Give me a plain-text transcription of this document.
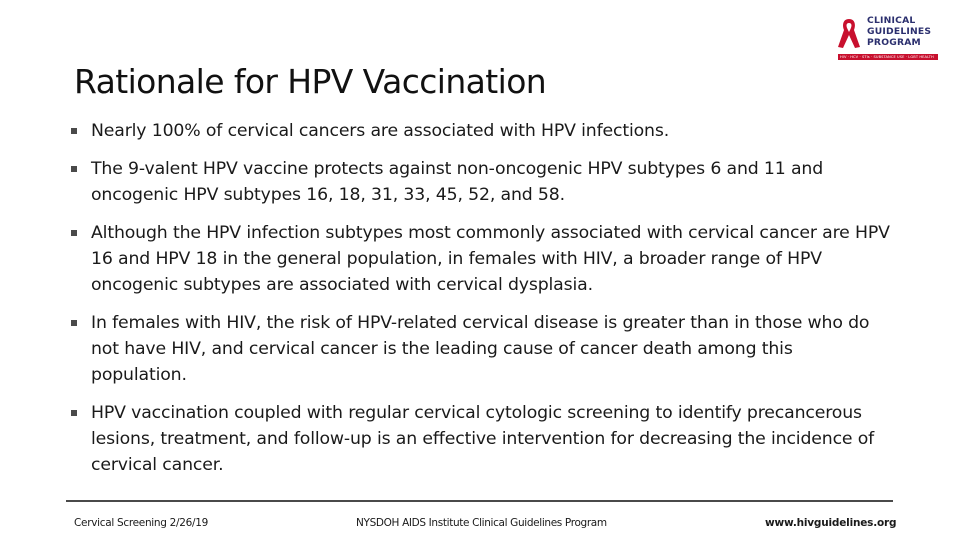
CLINICAL
GUIDELINES
PROGRAM
HIV · HCV · STIs · SUBSTANCE USE · LGBT HEALTH
Rationale for HPV Vaccination
Nearly 100% of cervical cancers are associated with HPV infections.
The 9-valent HPV vaccine protects against non-oncogenic HPV subtypes 6 and 11 and oncogenic HPV subtypes 16, 18, 31, 33, 45, 52, and 58.
Although the HPV infection subtypes most commonly associated with cervical cancer are HPV 16 and HPV 18 in the general population, in females with HIV, a broader range of HPV oncogenic subtypes are associated with cervical dysplasia.
In females with HIV, the risk of HPV-related cervical disease is greater than in those who do not have HIV, and cervical cancer is the leading cause of cancer death among this population.
HPV vaccination coupled with regular cervical cytologic screening to identify precancerous lesions, treatment, and follow-up is an effective intervention for decreasing the incidence of cervical cancer.
Cervical Screening 2/26/19	NYSDOH AIDS Institute Clinical Guidelines Program	www.hivguidelines.org
